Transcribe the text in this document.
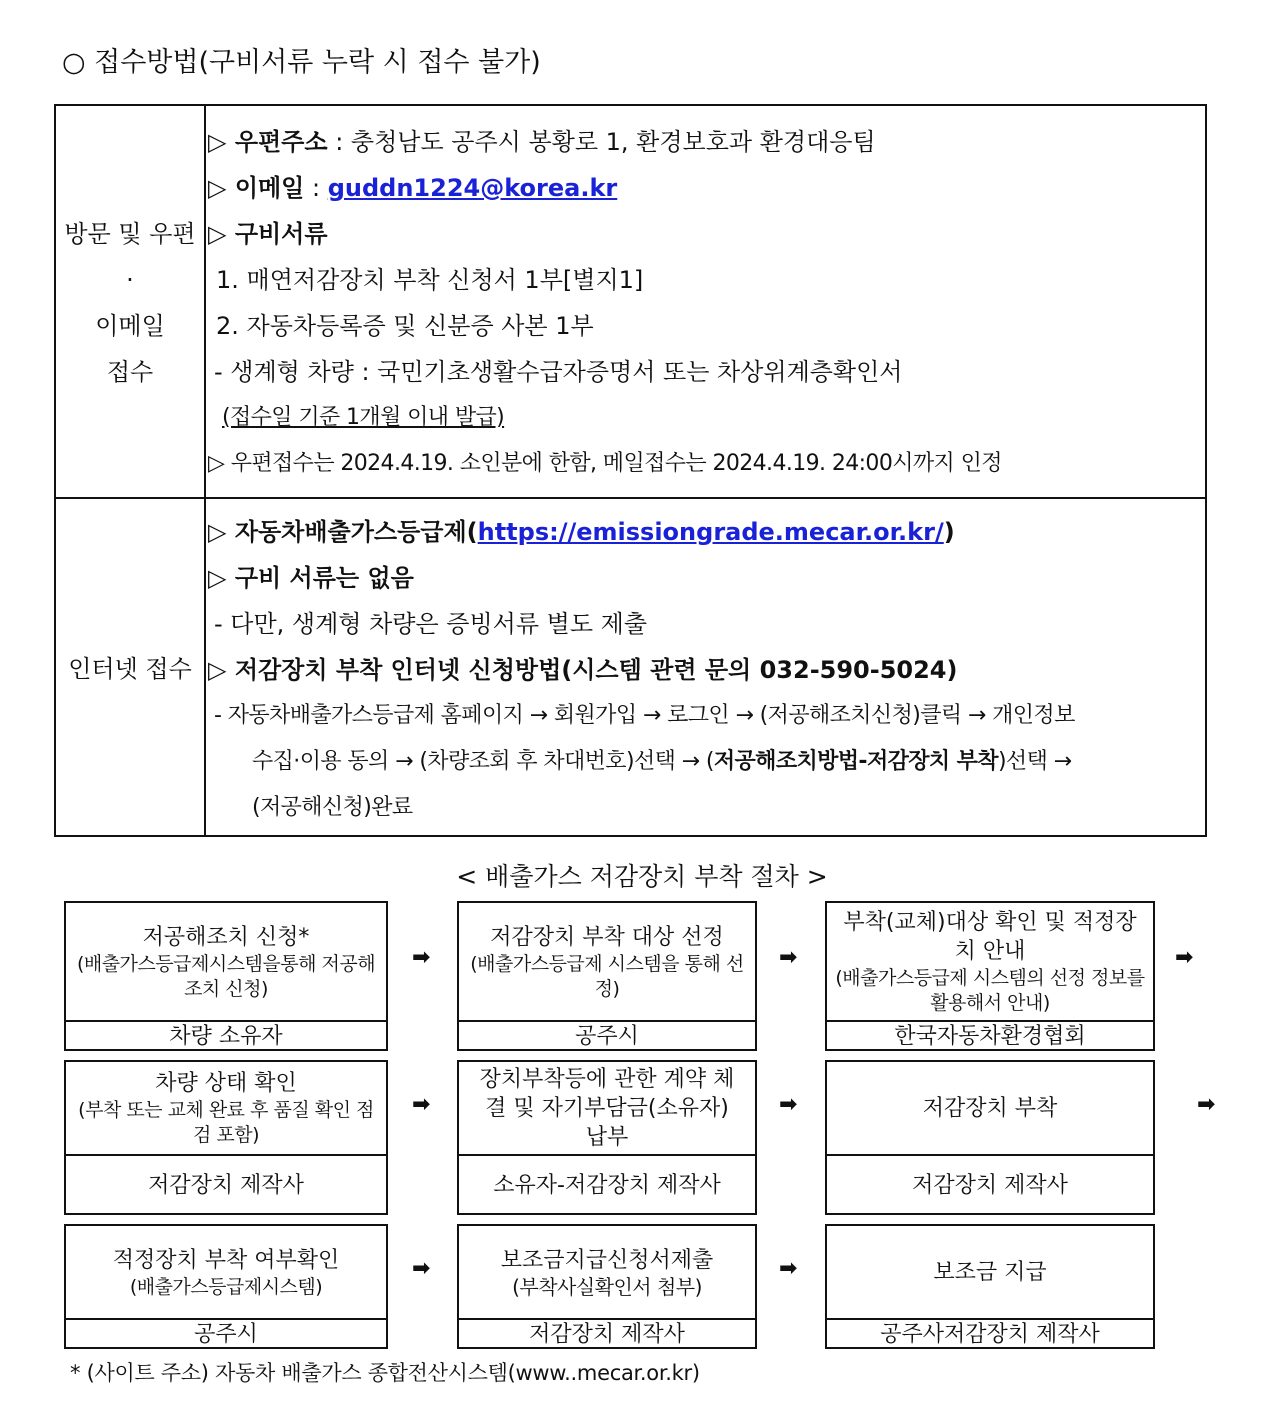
○ 접수방법(구비서류 누락 시 접수 불가)
방문 및 우편
·
이메일
접수
▷ 우편주소 : 충청남도 공주시 봉황로 1, 환경보호과 환경대응팀
▷ 이메일 : guddn1224@korea.kr
▷ 구비서류
1. 매연저감장치 부착 신청서 1부[별지1]
2. 자동차등록증 및 신분증 사본 1부
- 생계형 차량 : 국민기초생활수급자증명서 또는 차상위계층확인서
(접수일 기준 1개월 이내 발급)
▷ 우편접수는 2024.4.19. 소인분에 한함, 메일접수는 2024.4.19. 24:00시까지 인정
인터넷 접수
▷ 자동차배출가스등급제(https://emissiongrade.mecar.or.kr/)
▷ 구비 서류는 없음
- 다만, 생계형 차량은 증빙서류 별도 제출
▷ 저감장치 부착 인터넷 신청방법(시스템 관련 문의 032-590-5024)
- 자동차배출가스등급제 홈페이지 → 회원가입 → 로그인 → (저공해조치신청)클릭 → 개인정보
수집·이용 동의 → (차량조회 후 차대번호)선택 → (저공해조치방법-저감장치 부착)선택 →
(저공해신청)완료
< 배출가스 저감장치 부착 절차 >
저공해조치 신청*
(배출가스등급제시스템을통해 저공해조치 신청)
차량 소유자
➡
저감장치 부착 대상 선정
(배출가스등급제 시스템을 통해 선정)
공주시
➡
부착(교체)대상 확인 및 적정장치 안내
(배출가스등급제 시스템의 선정 정보를 활용해서 안내)
한국자동차환경협회
➡
차량 상태 확인
(부착 또는 교체 완료 후 품질 확인 점검 포함)
저감장치 제작사
➡
장치부착등에 관한 계약 체결 및 자기부담금(소유자) 납부
소유자-저감장치 제작사
➡	저감장치 부착
저감장치 제작사
➡
적정장치 부착 여부확인
(배출가스등급제시스템)
공주시
➡	보조금지급신청서제출
(부착사실확인서 첨부)
저감장치 제작사
➡	보조금 지급
공주사저감장치 제작사
* (사이트 주소) 자동차 배출가스 종합전산시스템(www..mecar.or.kr)
